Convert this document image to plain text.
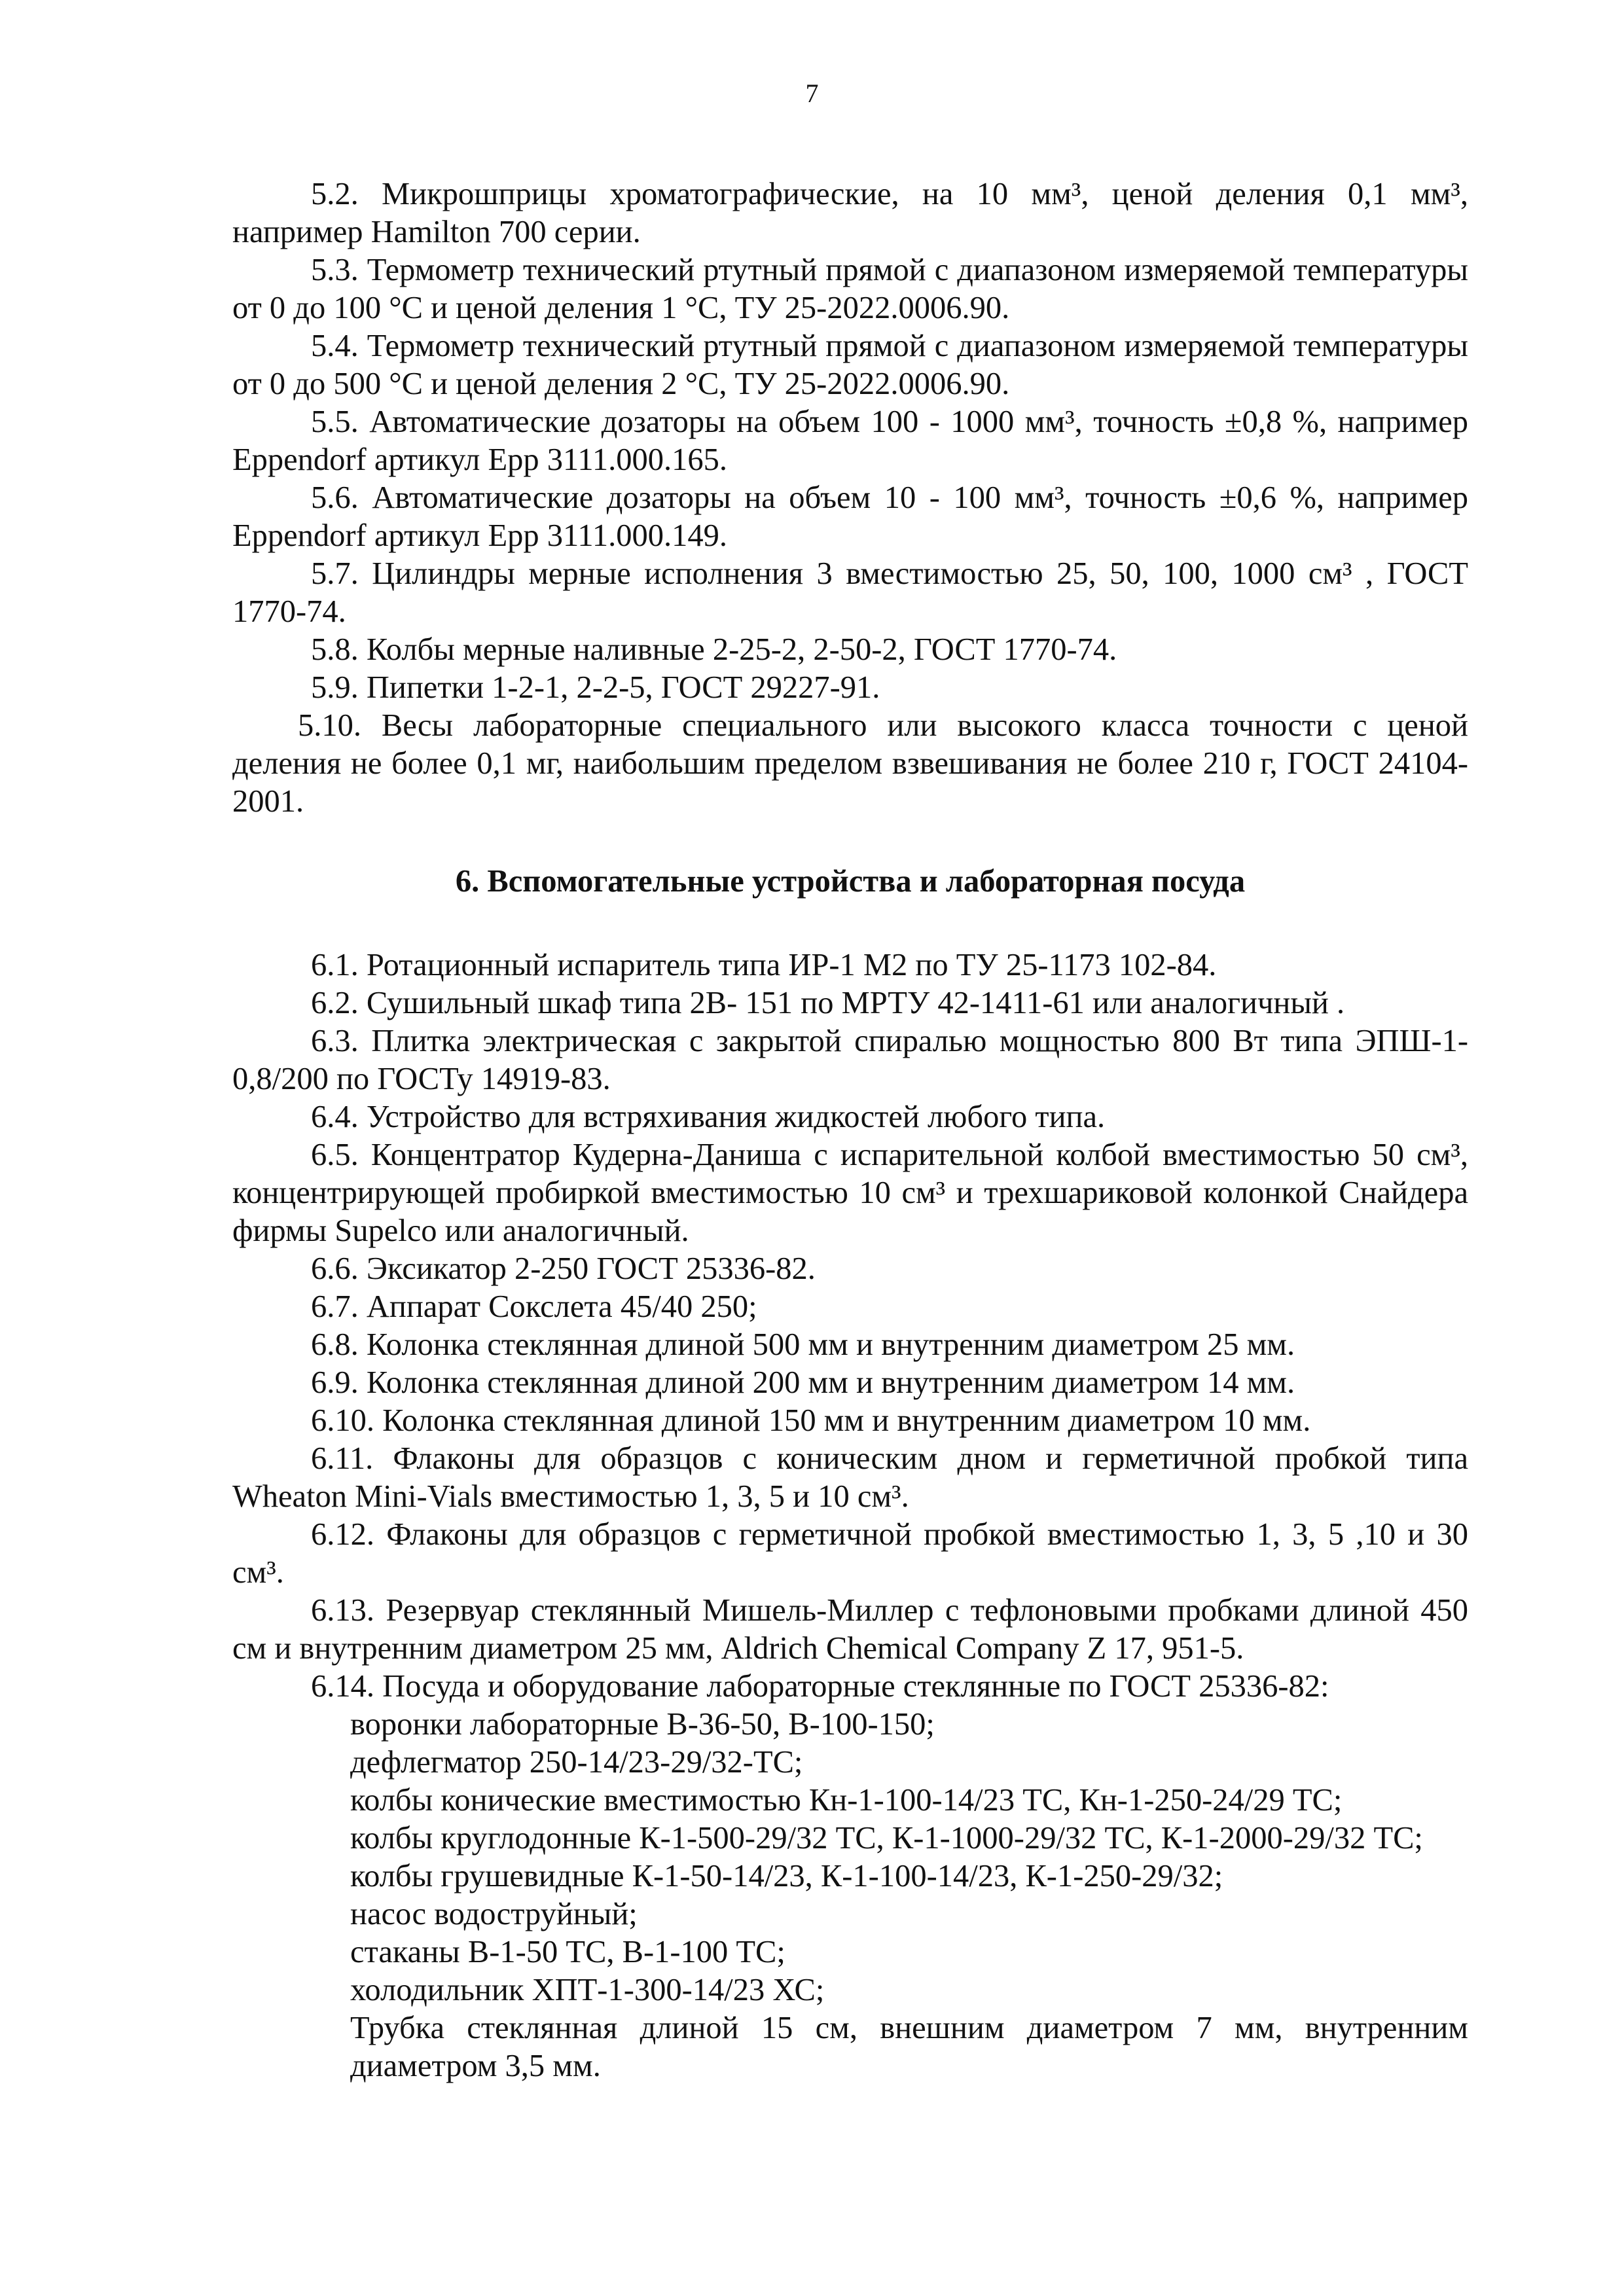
7

5.2. Микрошприцы хроматографические, на 10 мм³, ценой деления 0,1 мм³, например Hamilton 700 серии.

5.3. Термометр технический ртутный прямой с диапазоном измеряемой температуры от 0 до 100 °С и ценой деления 1 °С, ТУ 25-2022.0006.90.

5.4. Термометр технический ртутный прямой с диапазоном измеряемой температуры от 0 до 500 °С и ценой деления 2 °С, ТУ 25-2022.0006.90.

5.5. Автоматические дозаторы на объем 100 - 1000 мм³, точность ±0,8 %, например Eppendorf артикул Epp 3111.000.165.

5.6. Автоматические дозаторы на объем 10 - 100 мм³, точность ±0,6 %, например Eppendorf артикул Epp 3111.000.149.

5.7. Цилиндры мерные исполнения 3 вместимостью 25, 50, 100, 1000 см³ , ГОСТ 1770-74.

5.8. Колбы мерные наливные 2-25-2, 2-50-2, ГОСТ 1770-74.

5.9. Пипетки 1-2-1, 2-2-5, ГОСТ 29227-91.

5.10. Весы лабораторные специального или высокого класса точности с ценой деления не более 0,1 мг, наибольшим пределом взвешивания не более 210 г, ГОСТ 24104-2001.

6. Вспомогательные устройства и лабораторная посуда

6.1. Ротационный испаритель типа ИР-1 М2 по ТУ 25-1173 102-84.

6.2. Сушильный шкаф типа 2В- 151 по МРТУ 42-1411-61 или аналогичный .

6.3. Плитка электрическая с закрытой спиралью мощностью 800 Вт типа ЭПШ-1-0,8/200 по ГОСТу 14919-83.

6.4. Устройство для встряхивания жидкостей любого типа.

6.5. Концентратор Кудерна-Даниша с испарительной колбой вместимостью 50 см³, концентрирующей пробиркой вместимостью 10 см³ и трехшариковой колонкой Снайдера фирмы Supelco или аналогичный.

6.6. Эксикатор 2-250 ГОСТ 25336-82.

6.7. Аппарат Сокслета 45/40 250;

6.8. Колонка стеклянная длиной 500 мм и внутренним диаметром 25 мм.

6.9. Колонка стеклянная длиной 200 мм и внутренним диаметром 14 мм.

6.10. Колонка стеклянная длиной 150 мм и внутренним диаметром 10 мм.

6.11. Флаконы для образцов с коническим дном и герметичной пробкой типа Wheaton Mini-Vials вместимостью 1, 3, 5 и 10 см³.

6.12. Флаконы для образцов с герметичной пробкой вместимостью 1, 3, 5 ,10 и 30 см³.

6.13. Резервуар стеклянный Мишель-Миллер с тефлоновыми пробками длиной 450 см и внутренним диаметром 25 мм, Aldrich Chemical Company Z 17, 951-5.

6.14. Посуда и оборудование лабораторные стеклянные по ГОСТ 25336-82:

воронки лабораторные В-36-50, В-100-150;

дефлегматор 250-14/23-29/32-ТС;

колбы конические вместимостью Кн-1-100-14/23 ТС, Кн-1-250-24/29 ТС;

колбы круглодонные К-1-500-29/32 ТС, К-1-1000-29/32 ТС, К-1-2000-29/32 ТС;

колбы грушевидные К-1-50-14/23, К-1-100-14/23, К-1-250-29/32;

насос водоструйный;

стаканы В-1-50 ТС, В-1-100 ТС;

холодильник ХПТ-1-300-14/23 ХС;

Трубка стеклянная длиной 15 см, внешним диаметром 7 мм, внутренним диаметром 3,5 мм.
